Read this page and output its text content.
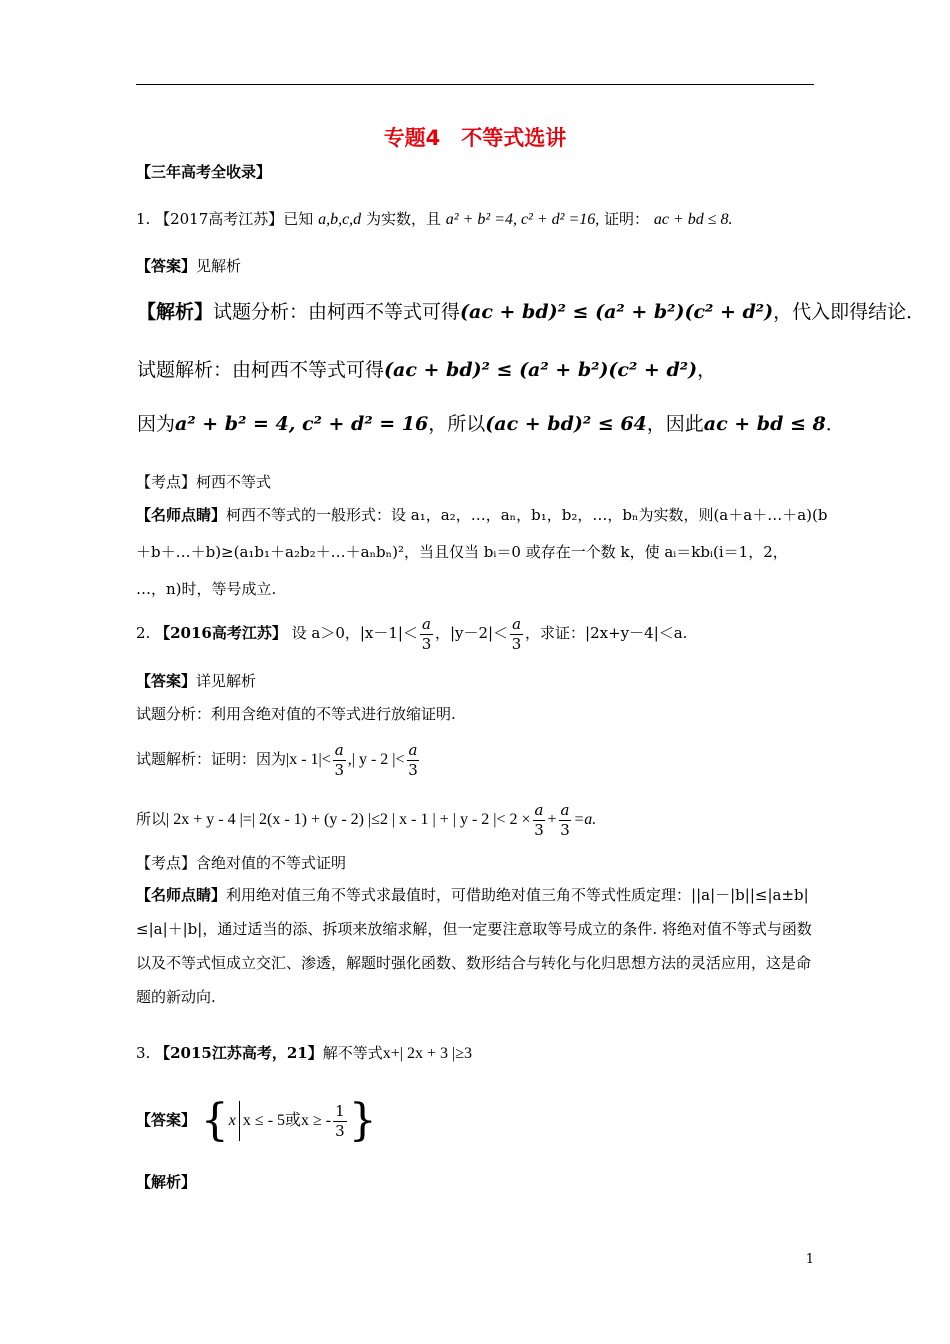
专题4　不等式选讲
【三年高考全收录】
1. 【2017高考江苏】已知 a,b,c,d 为实数，且 a² + b² =4, c² + d² =16, 证明： ac + bd ≤ 8.
【答案】见解析
【解析】试题分析：由柯西不等式可得(ac + bd)² ≤ (a² + b²)(c² + d²)，代入即得结论．
试题解析：由柯西不等式可得(ac + bd)² ≤ (a² + b²)(c² + d²)，
因为a² + b² = 4, c² + d² = 16，所以(ac + bd)² ≤ 64，因此ac + bd ≤ 8．
【考点】柯西不等式
【名师点睛】柯西不等式的一般形式：设 a₁，a₂，…，aₙ，b₁，b₂，…，bₙ为实数，则(a＋a＋…＋a)(b
＋b＋…＋b)≥(a₁b₁＋a₂b₂＋…＋aₙbₙ)²，当且仅当 bᵢ＝0 或存在一个数 k，使 aᵢ＝kbᵢ(i＝1，2，
…，n)时，等号成立.
2. 【2016高考江苏】 设 a＞0，$|x-1|< \frac{a}{3}$ ，$|y-2|< \frac{a}{3}$ ，求证：|2x+y－4|＜a.
【答案】详见解析
试题分析：利用含绝对值的不等式进行放缩证明.
试题解析：证明：因为$|x - 1|< \frac{a}{3}$ ,| y - 2 |< $\frac{a}{3}$
所以| 2x + y - 4 |=| 2(x - 1) + (y - 2) |≤2 | x - 1 | + | y - 2 |< $2 \times \frac{a}{3} + \frac{a}{3} =a$.
【考点】含绝对值的不等式证明
【名师点睛】利用绝对值三角不等式求最值时，可借助绝对值三角不等式性质定理：||a|－|b||≤|a±b|≤|a|＋|b|，通过适当的添、拆项来放缩求解，但一定要注意取等号成立的条件. 将绝对值不等式与函数以及不等式恒成立交汇、渗透，解题时强化函数、数形结合与转化与化归思想方法的灵活应用，这是命题的新动向.
3. 【2015江苏高考，21】解不等式x+| 2x + 3 |≥3
【答案】 {x x ≤ - 5或x ≥ - $\frac{1}{3}$ }
【解析】
1
